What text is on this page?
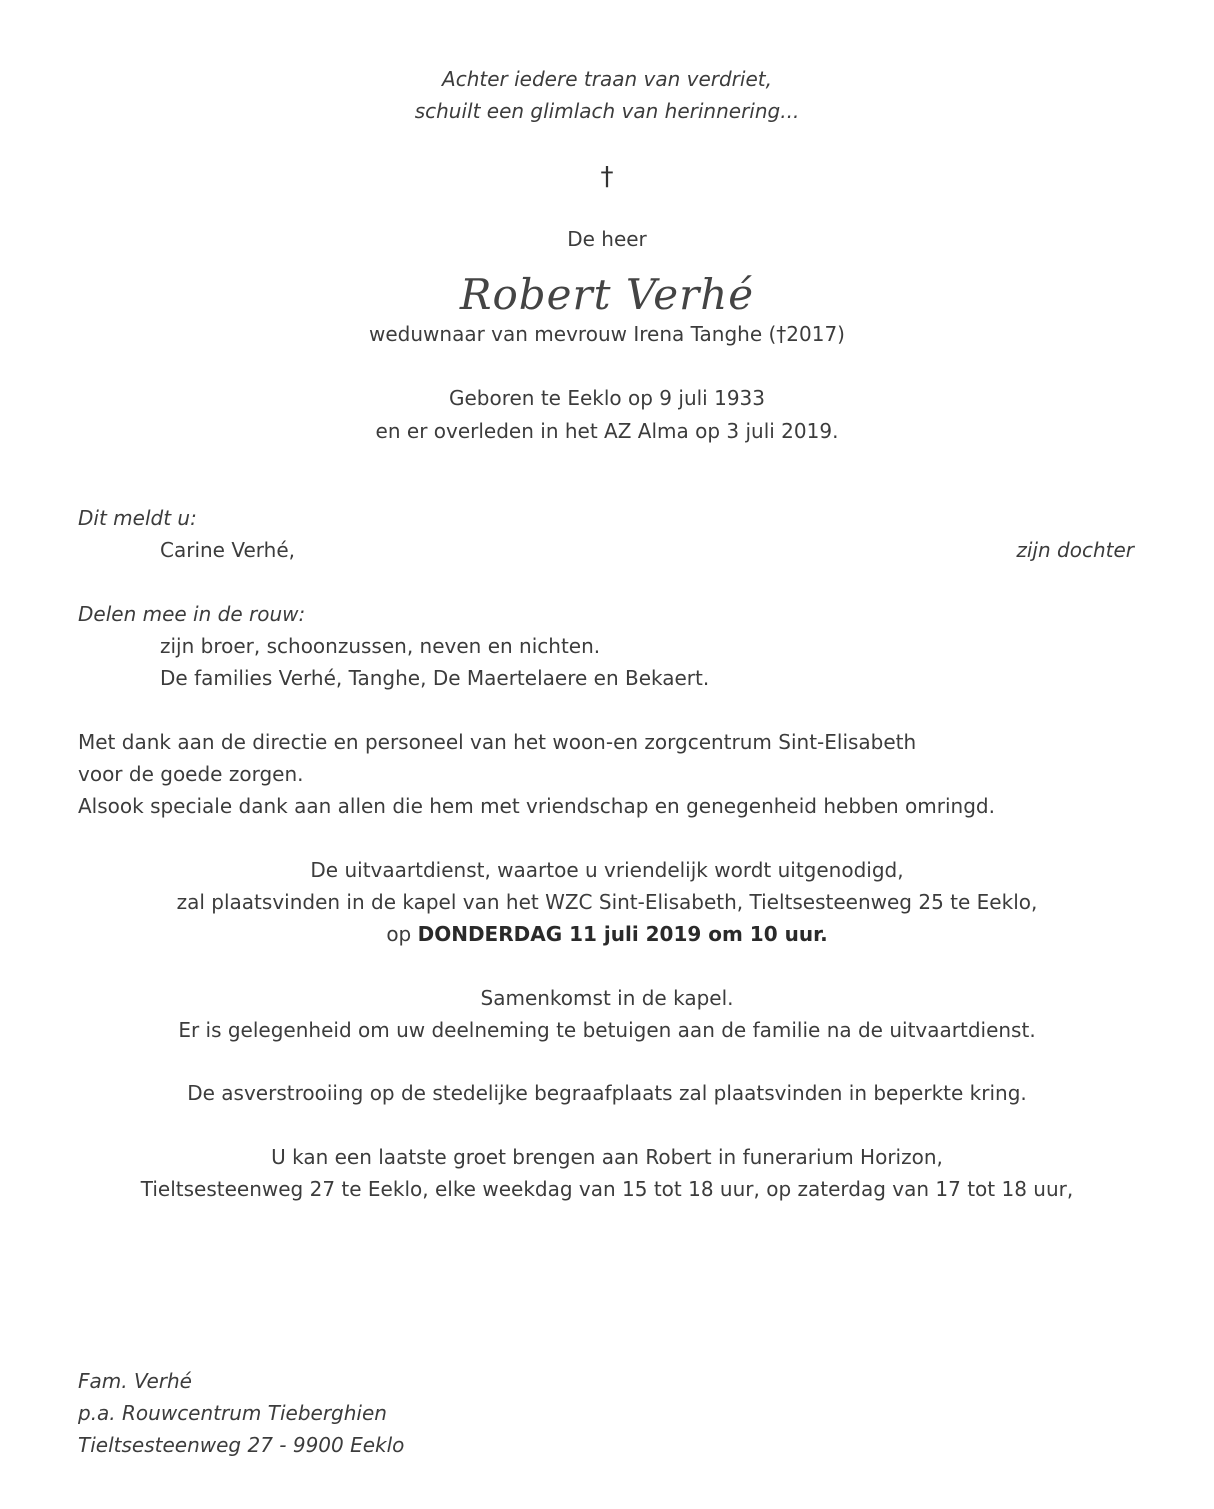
Achter iedere traan van verdriet,
schuilt een glimlach van herinnering...
†
De heer
Robert Verhé
weduwnaar van mevrouw Irena Tanghe (†2017)
Geboren te Eeklo op 9 juli 1933
en er overleden in het AZ Alma op 3 juli 2019.
Dit meldt u:
Carine Verhé,	zijn dochter
Delen mee in de rouw:
zijn broer, schoonzussen, neven en nichten.
De families Verhé, Tanghe, De Maertelaere en Bekaert.
Met dank aan de directie en personeel van het woon-en zorgcentrum Sint-Elisabeth
voor de goede zorgen.
Alsook speciale dank aan allen die hem met vriendschap en genegenheid hebben omringd.
De uitvaartdienst, waartoe u vriendelijk wordt uitgenodigd,
zal plaatsvinden in de kapel van het WZC Sint-Elisabeth, Tieltsesteenweg 25 te Eeklo,
op DONDERDAG 11 juli 2019 om 10 uur.
Samenkomst in de kapel.
Er is gelegenheid om uw deelneming te betuigen aan de familie na de uitvaartdienst.
De asverstrooiing op de stedelijke begraafplaats zal plaatsvinden in beperkte kring.
U kan een laatste groet brengen aan Robert in funerarium Horizon,
Tieltsesteenweg 27 te Eeklo, elke weekdag van 15 tot 18 uur, op zaterdag van 17 tot 18 uur,
Fam. Verhé
p.a. Rouwcentrum Tieberghien
Tieltsesteenweg 27 - 9900 Eeklo
